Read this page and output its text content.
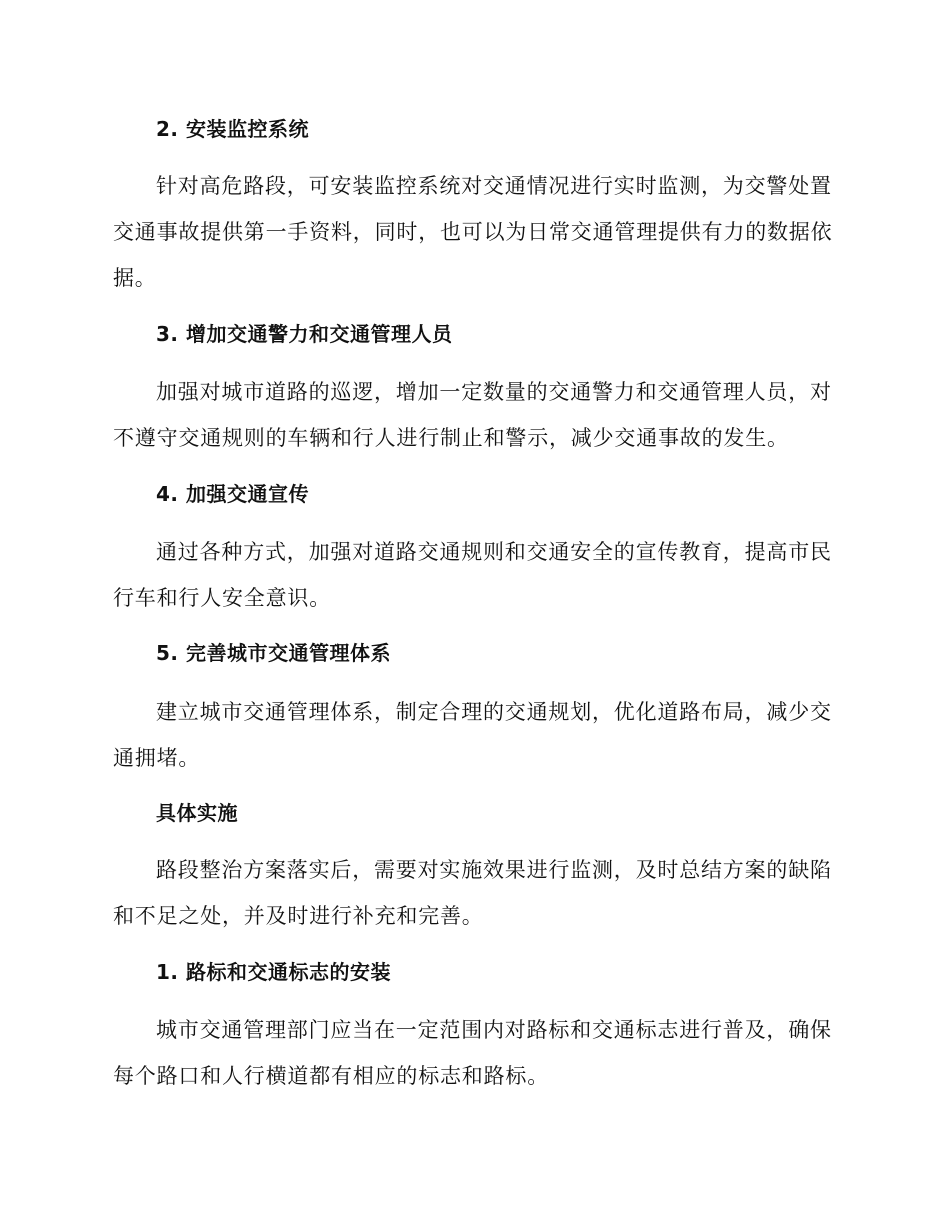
2. 安装监控系统

针对高危路段，可安装监控系统对交通情况进行实时监测，为交警处置交通事故提供第一手资料，同时，也可以为日常交通管理提供有力的数据依据。

3. 增加交通警力和交通管理人员

加强对城市道路的巡逻，增加一定数量的交通警力和交通管理人员，对不遵守交通规则的车辆和行人进行制止和警示，减少交通事故的发生。

4. 加强交通宣传

通过各种方式，加强对道路交通规则和交通安全的宣传教育，提高市民行车和行人安全意识。

5. 完善城市交通管理体系

建立城市交通管理体系，制定合理的交通规划，优化道路布局，减少交通拥堵。

具体实施

路段整治方案落实后，需要对实施效果进行监测，及时总结方案的缺陷和不足之处，并及时进行补充和完善。

1. 路标和交通标志的安装

城市交通管理部门应当在一定范围内对路标和交通标志进行普及，确保每个路口和人行横道都有相应的标志和路标。
